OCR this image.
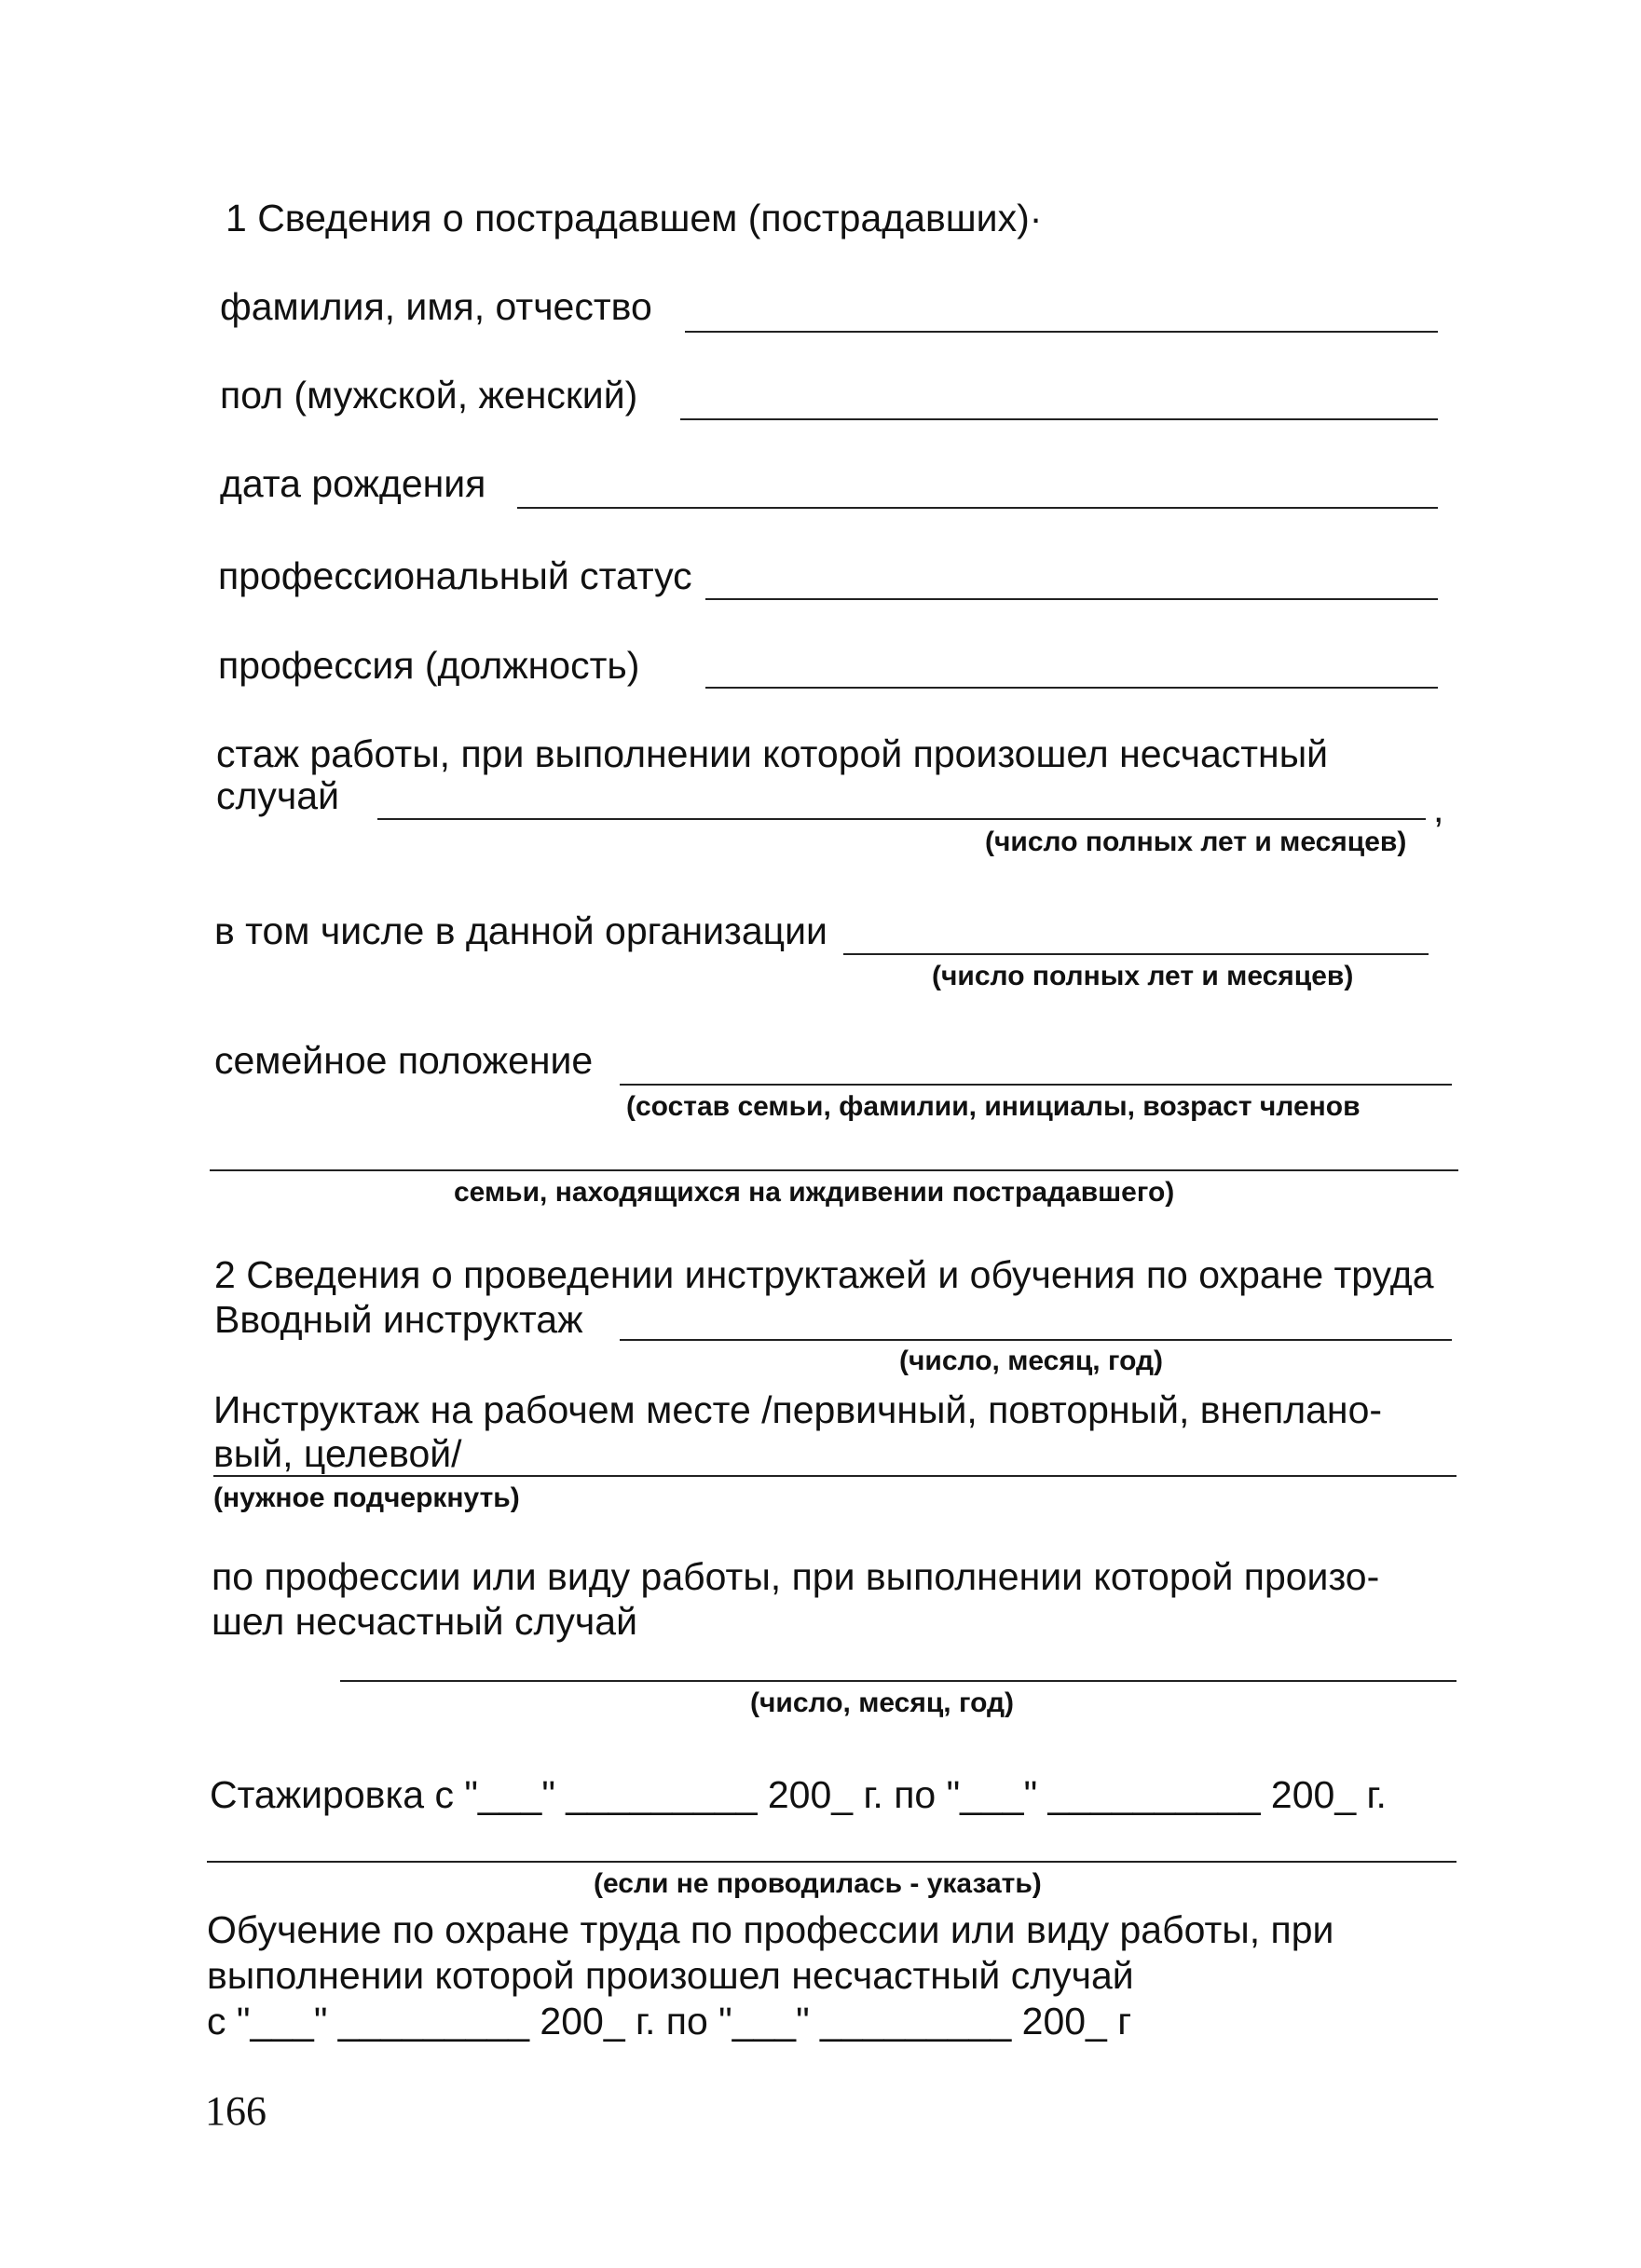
1 Сведения о пострадавшем (пострадавших)·
фамилия, имя, отчество
пол (мужской, женский)
дата рождения
профессиональный статус
профессия (должность)
стаж работы, при выполнении которой произошел несчастный
случай	,
(число полных лет и месяцев)
в том числе в данной организации
(число полных лет и месяцев)
семейное положение
(состав семьи, фамилии, инициалы, возраст членов
семьи, находящихся на иждивении пострадавшего)
2 Сведения о проведении инструктажей и обучения по охране труда
Вводный инструктаж
(число, месяц, год)
Инструктаж на рабочем месте /первичный, повторный, внеплано-
вый, целевой/
(нужное подчеркнуть)
по профессии или виду работы, при выполнении которой произо-
шел несчастный случай
(число, месяц, год)
Стажировка с "___" _________ 200_ г. по "___" __________ 200_ г.
(если не проводилась - указать)
Обучение по охране труда по профессии или виду работы, при
выполнении которой произошел несчастный случай
с "___" _________ 200_ г. по "___" _________ 200_ г
166
